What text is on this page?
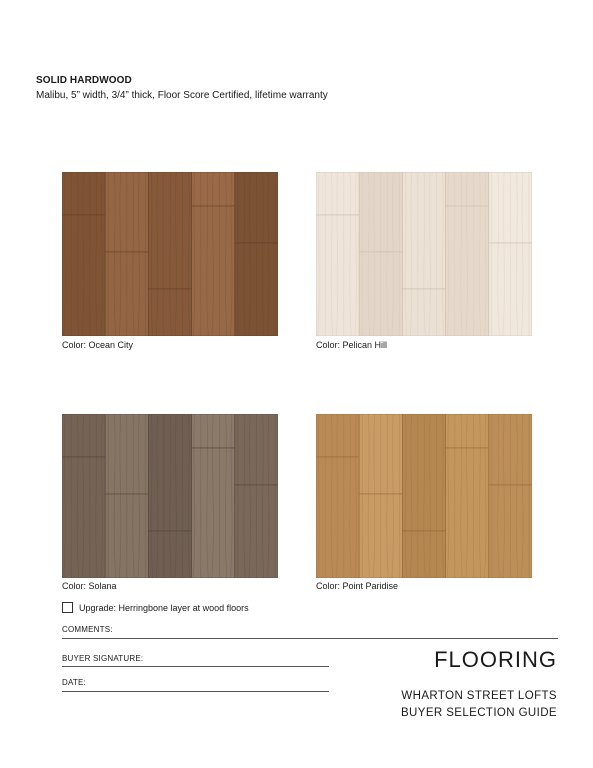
SOLID HARDWOOD
Malibu, 5” width, 3/4” thick, Floor Score Certified, lifetime warranty
Color: Ocean City	Color: Pelican Hill
Color: Solana	Color: Point Paridise
Upgrade: Herringbone layer at wood floors
COMMENTS:
BUYER SIGNATURE:
DATE:
FLOORING
WHARTON STREET LOFTS
BUYER SELECTION GUIDE
